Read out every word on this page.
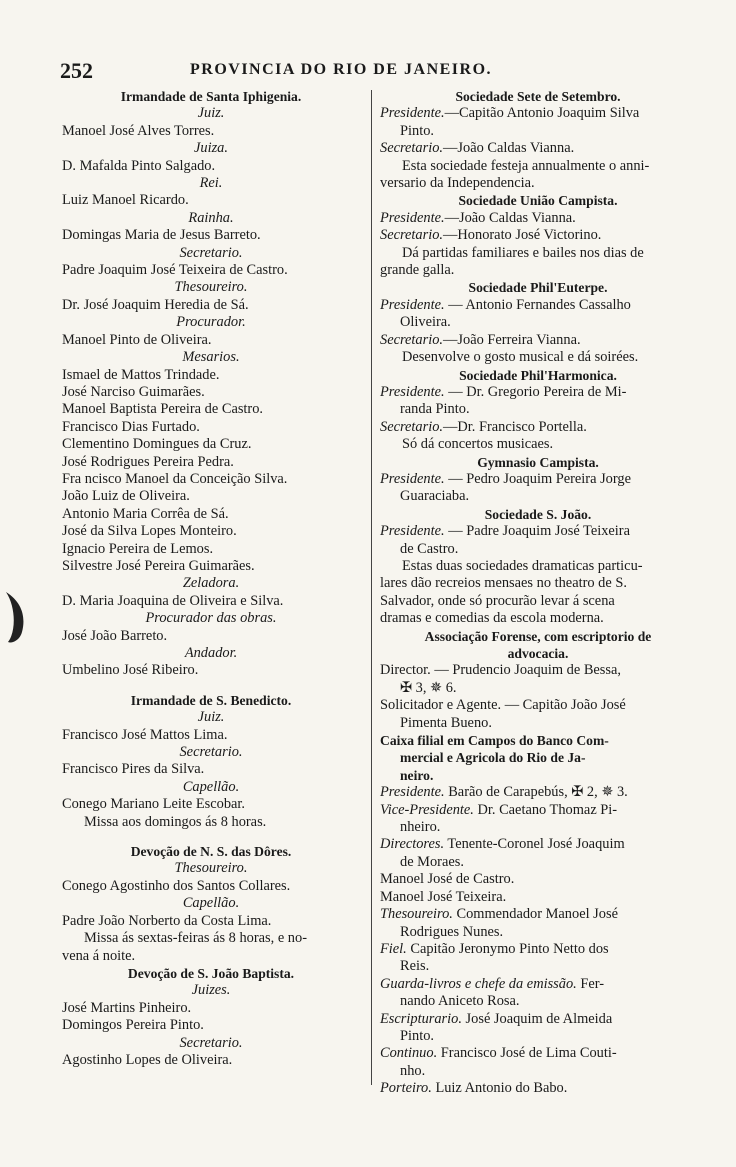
252	PROVINCIA DO RIO DE JANEIRO.
Irmandade de Santa Iphigenia.
Juiz.
Manoel José Alves Torres.
Juiza.
D. Mafalda Pinto Salgado.
Rei.
Luiz Manoel Ricardo.
Rainha.
Domingas Maria de Jesus Barreto.
Secretario.
Padre Joaquim José Teixeira de Castro.
Thesoureiro.
Dr. José Joaquim Heredia de Sá.
Procurador.
Manoel Pinto de Oliveira.
Mesarios.
Ismael de Mattos Trindade.
José Narciso Guimarães.
Manoel Baptista Pereira de Castro.
Francisco Dias Furtado.
Clementino Domingues da Cruz.
José Rodrigues Pereira Pedra.
Fra ncisco Manoel da Conceição Silva.
João Luiz de Oliveira.
Antonio Maria Corrêa de Sá.
José da Silva Lopes Monteiro.
Ignacio Pereira de Lemos.
Silvestre José Pereira Guimarães.
Zeladora.
D. Maria Joaquina de Oliveira e Silva.
Procurador das obras.
José João Barreto.
Andador.
Umbelino José Ribeiro.
Irmandade de S. Benedicto.
Juiz.
Francisco José Mattos Lima.
Secretario.
Francisco Pires da Silva.
Capellão.
Conego Mariano Leite Escobar.
Missa aos domingos ás 8 horas.
Devoção de N. S. das Dôres.
Thesoureiro.
Conego Agostinho dos Santos Collares.
Capellão.
Padre João Norberto da Costa Lima.
Missa ás sextas-feiras ás 8 horas, e no-
vena á noite.
Devoção de S. João Baptista.
Juizes.
José Martins Pinheiro.
Domingos Pereira Pinto.
Secretario.
Agostinho Lopes de Oliveira.
Sociedade Sete de Setembro.
Presidente.—Capitão Antonio Joaquim Silva
Pinto.
Secretario.—João Caldas Vianna.
Esta sociedade festeja annualmente o anni-
versario da Independencia.
Sociedade União Campista.
Presidente.—João Caldas Vianna.
Secretario.—Honorato José Victorino.
Dá partidas familiares e bailes nos dias de
grande galla.
Sociedade Phil'Euterpe.
Presidente. — Antonio Fernandes Cassalho
Oliveira.
Secretario.—João Ferreira Vianna.
Desenvolve o gosto musical e dá soirées.
Sociedade Phil'Harmonica.
Presidente. — Dr. Gregorio Pereira de Mi-
randa Pinto.
Secretario.—Dr. Francisco Portella.
Só dá concertos musicaes.
Gymnasio Campista.
Presidente. — Pedro Joaquim Pereira Jorge
Guaraciaba.
Sociedade S. João.
Presidente. — Padre Joaquim José Teixeira
de Castro.
Estas duas sociedades dramaticas particu-
lares dão recreios mensaes no theatro de S.
Salvador, onde só procurão levar á scena
dramas e comedias da escola moderna.
Associação Forense, com escriptorio de
advocacia.
Director. — Prudencio Joaquim de Bessa,
✠ 3, ✵ 6.
Solicitador e Agente. — Capitão João José
Pimenta Bueno.
Caixa filial em Campos do Banco Com-
mercial e Agricola do Rio de Ja-
neiro.
Presidente. Barão de Carapebús, ✠ 2, ✵ 3.
Vice-Presidente. Dr. Caetano Thomaz Pi-
nheiro.
Directores. Tenente-Coronel José Joaquim
de Moraes.
Manoel José de Castro.
Manoel José Teixeira.
Thesoureiro. Commendador Manoel José
Rodrigues Nunes.
Fiel. Capitão Jeronymo Pinto Netto dos
Reis.
Guarda-livros e chefe da emissão. Fer-
nando Aniceto Rosa.
Escripturario. José Joaquim de Almeida
Pinto.
Continuo. Francisco José de Lima Couti-
nho.
Porteiro. Luiz Antonio do Babo.
